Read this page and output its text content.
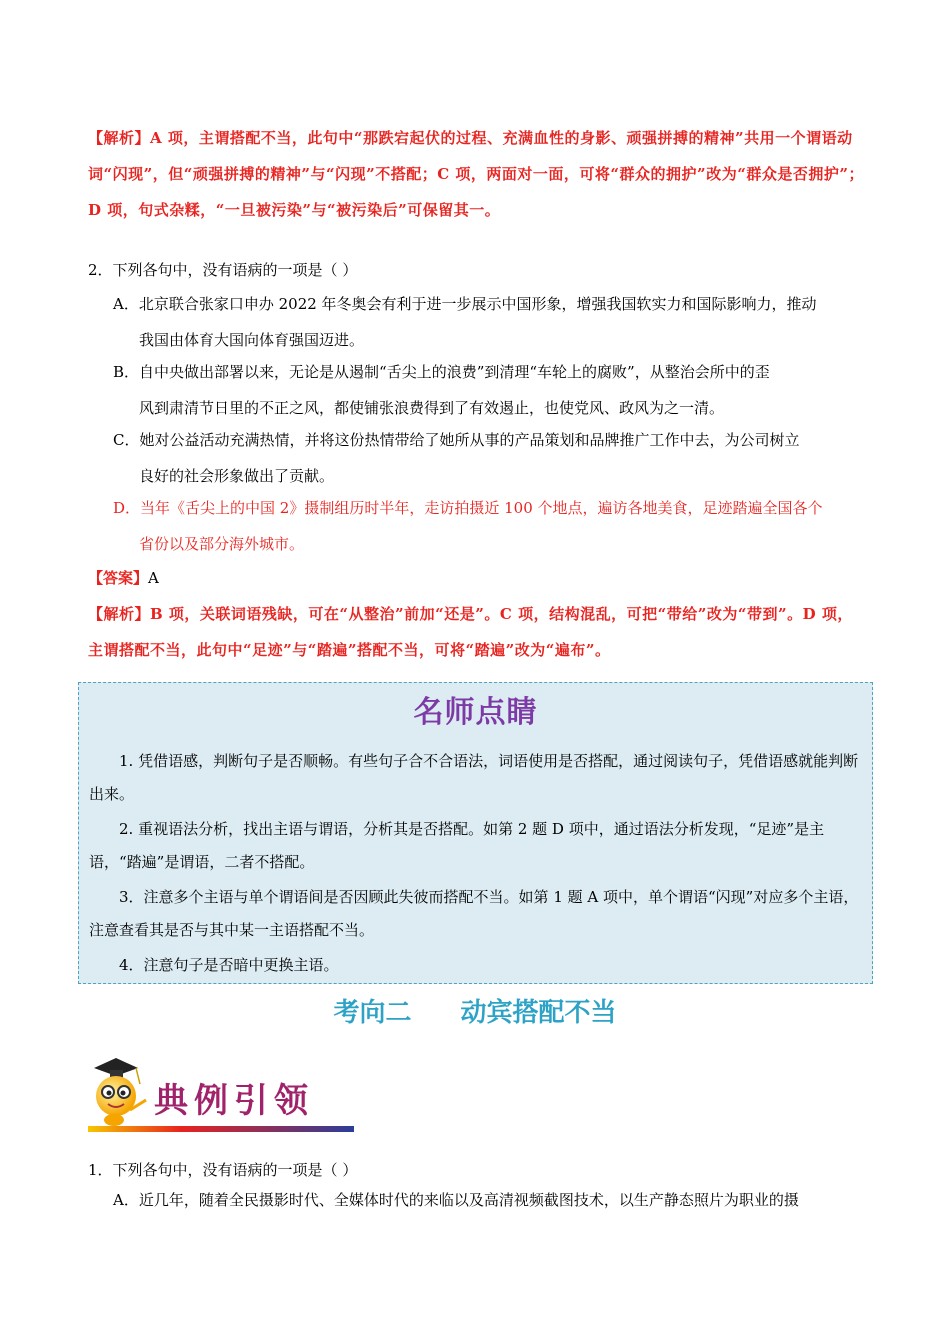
【解析】A 项，主谓搭配不当，此句中“那跌宕起伏的过程、充满血性的身影、顽强拼搏的精神”共用一个谓语动词“闪现”，但“顽强拼搏的精神”与“闪现”不搭配；C 项，两面对一面，可将“群众的拥护”改为“群众是否拥护”；D 项，句式杂糅，“一旦被污染”与“被污染后”可保留其一。
2．下列各句中，没有语病的一项是（ ）
A．北京联合张家口申办 2022 年冬奥会有利于进一步展示中国形象，增强我国软实力和国际影响力，推动
我国由体育大国向体育强国迈进。
B．自中央做出部署以来，无论是从遏制“舌尖上的浪费”到清理“车轮上的腐败”，从整治会所中的歪
风到肃清节日里的不正之风，都使铺张浪费得到了有效遏止，也使党风、政风为之一清。
C．她对公益活动充满热情，并将这份热情带给了她所从事的产品策划和品牌推广工作中去，为公司树立
良好的社会形象做出了贡献。
D．当年《舌尖上的中国 2》摄制组历时半年，走访拍摄近 100 个地点，遍访各地美食，足迹踏遍全国各个
省份以及部分海外城市。
【答案】A
【解析】B 项，关联词语残缺，可在“从整治”前加“还是”。C 项，结构混乱，可把“带给”改为“带到”。D 项，主谓搭配不当，此句中“足迹”与“踏遍”搭配不当，可将“踏遍”改为“遍布”。
名师点睛
1. 凭借语感，判断句子是否顺畅。有些句子合不合语法，词语使用是否搭配，通过阅读句子，凭借语感就能判断出来。
2. 重视语法分析，找出主语与谓语，分析其是否搭配。如第 2 题 D 项中，通过语法分析发现，“足迹”是主语，“踏遍”是谓语，二者不搭配。
3．注意多个主语与单个谓语间是否因顾此失彼而搭配不当。如第 1 题 A 项中，单个谓语“闪现”对应多个主语，注意查看其是否与其中某一主语搭配不当。
4．注意句子是否暗中更换主语。
考向二 动宾搭配不当
典例引领
1．下列各句中，没有语病的一项是（ ）
A．近几年，随着全民摄影时代、全媒体时代的来临以及高清视频截图技术，以生产静态照片为职业的摄
